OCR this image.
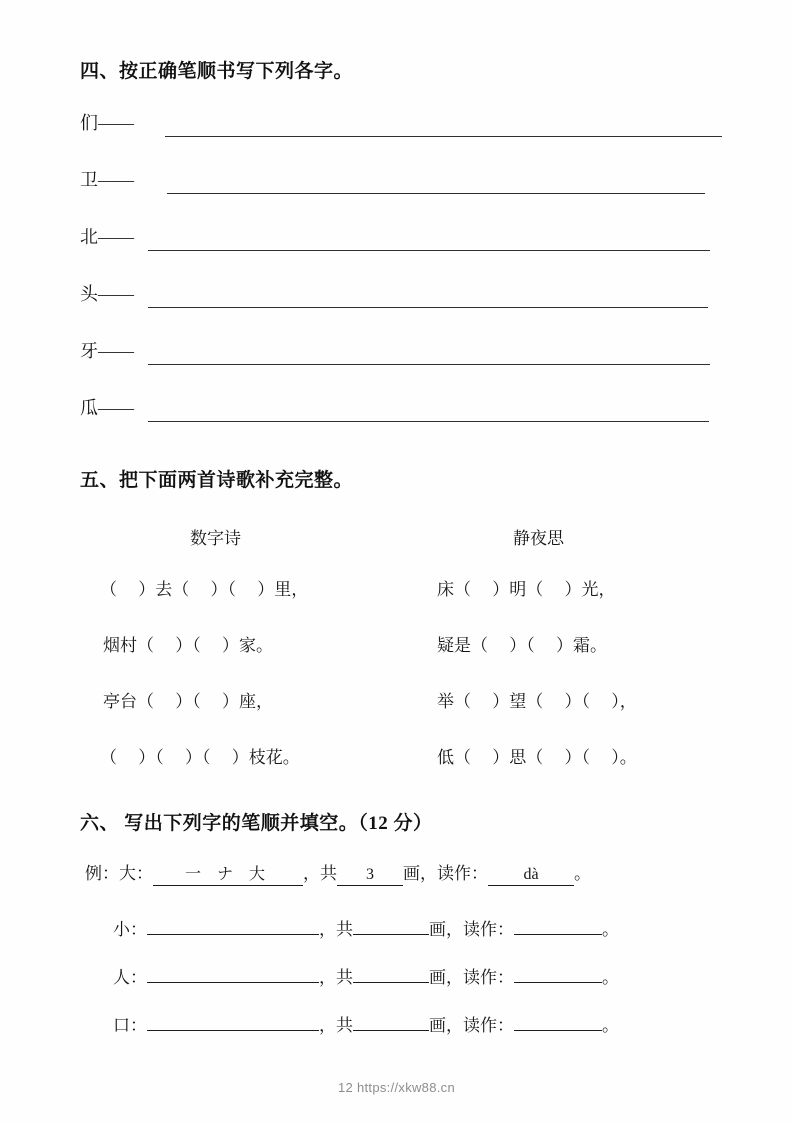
四、按正确笔顺书写下列各字。
们——
卫——
北——
头——
牙——
瓜——
五、把下面两首诗歌补充完整。
数字诗	静夜思
（     ）去（     ）（     ）里，
烟村（     ）（     ）家。
亭台（     ）（     ）座，
（     ）（     ）（     ）枝花。
床（     ）明（     ）光，
疑是（     ）（     ）霜。
举（     ）望（     ）（     ），
低（     ）思（     ）（     ）。
六、 写出下列字的笔顺并填空。（12 分）
例：大： 一 ナ 大 ，共 3 画，读作： dà 。
小：	，共	画，读作：	。
人：	，共	画，读作：	。
口：	，共	画，读作：	。
12 https://xkw88.cn
